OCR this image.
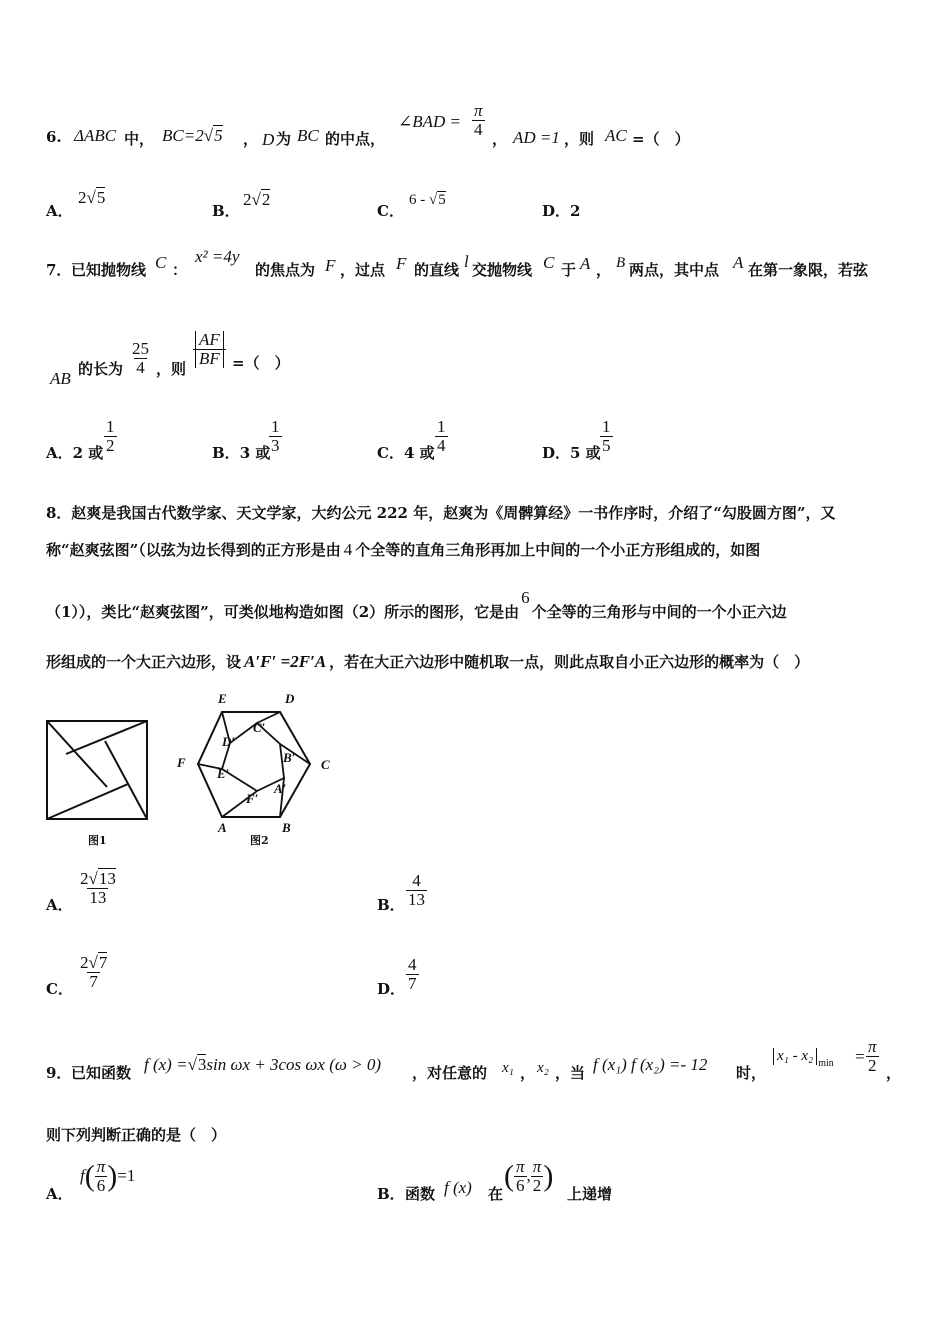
6. ΔABC 中， BC=2√5 ， D 为 BC 的中点，
∠BAD = $\frac{\pi}{4}$
， AD =1 ，则 AC =（　）
A．
2√5
B．
2√2
C．
6 - √5
D．2
7． 已知抛物线 C ：
x² =4y
的焦点为 F ，过点 F 的直线 l 交抛物线 C 于 A ， B 两点，其中点 A 在第一象限，若弦
AB 的长为 $\frac{25}{4}$ ，则
$\frac{AF}{BF}$ =（　）
A．2 或 $\frac{1}{2}$	B．3 或
$\frac{1}{3}$	C．4 或 $\frac{1}{4}$	D．5 或 $\frac{1}{5}$
8．赵爽是我国古代数学家、天文学家，大约公元 222 年，赵爽为《周髀算经》一书作序时，介绍了“勾股圆方图”，又
称“赵爽弦图”（以弦为边长得到的正方形是由 4 个全等的直角三角形再加上中间的一个小正方形组成的，如图
（1）），类比“赵爽弦图”，可类似地构造如图（2）所示的图形，它是由6个全等的三角形与中间的一个小正六边
形组成的一个大正六边形，设 A′F′ =2F′A ，若在大正六边形中随机取一点，则此点取自小正六边形的概率为（　）
图1
E	D
C
F
A	B
D′
C′
B′
E′
A′
F′
图2
A． $\frac{2√13}{13}$	B． $\frac{4}{13}$
C． $\frac{2√7}{7}$	D． $\frac{4}{7}$
9． 已知函数 f (x) =√3sin ωx + 3cos ωx (ω > 0) ，对任意的 x₁ ， x₂ ，当 f (x₁) f (x₂) =- 12 时，
x₁ - x₂ $_{min} = \frac{\pi}{2}$ ，
则下列判断正确的是（　）
A．
$f( \frac{\pi}{6} )=1$
B． 函数 f (x) 在
( $\frac{\pi}{6}$ , $\frac{\pi}{2}$ )
上递增
